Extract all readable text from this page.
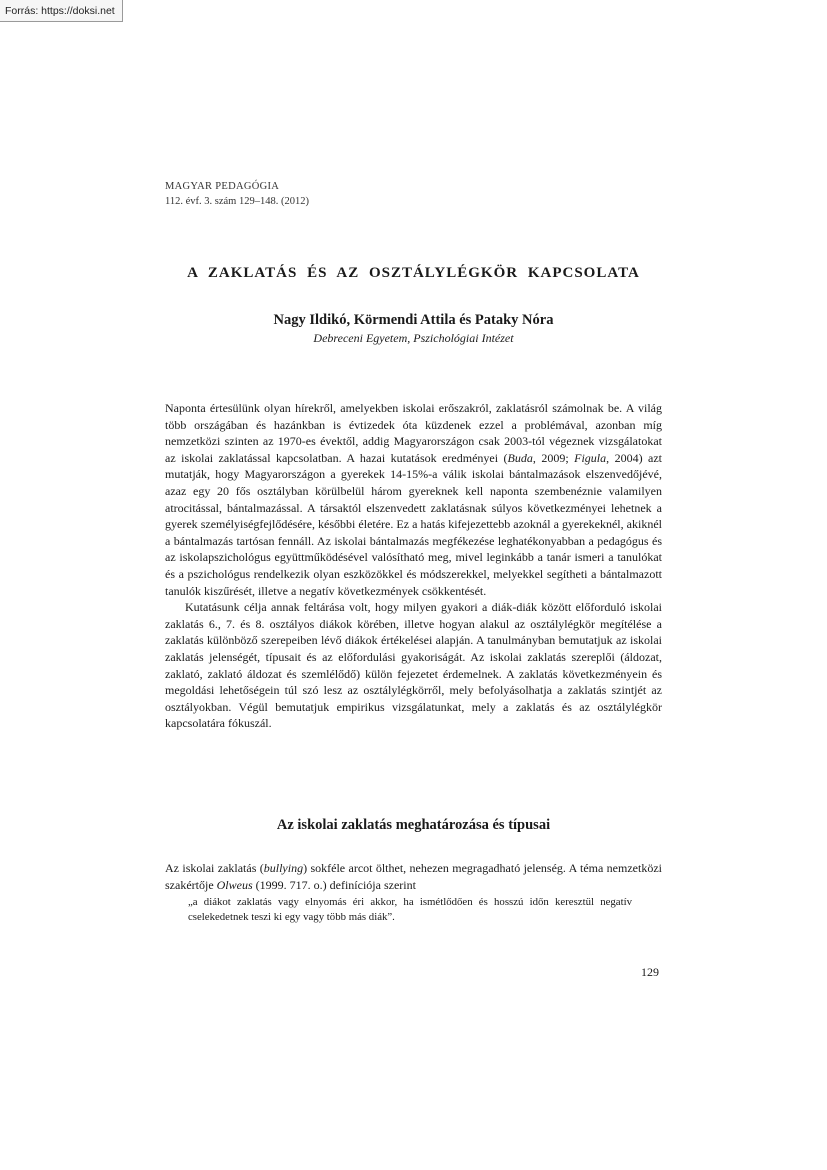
Forrás: https://doksi.net
MAGYAR PEDAGÓGIA
112. évf. 3. szám 129–148. (2012)
A ZAKLATÁS ÉS AZ OSZTÁLYLÉGKÖR KAPCSOLATA
Nagy Ildikó, Körmendi Attila és Pataky Nóra
Debreceni Egyetem, Pszichológiai Intézet

Naponta értesülünk olyan hírekről, amelyekben iskolai erőszakról, zaklatásról számolnak be. A világ több országában és hazánkban is évtizedek óta küzdenek ezzel a problémával, azonban míg nemzetközi szinten az 1970-es évektől, addig Magyarországon csak 2003-tól végeznek vizsgálatokat az iskolai zaklatással kapcsolatban. A hazai kutatások eredményei (Buda, 2009; Figula, 2004) azt mutatják, hogy Magyarországon a gyerekek 14-15%-a válik iskolai bántalmazások elszenvedőjévé, azaz egy 20 fős osztályban körülbelül három gyereknek kell naponta szembenéznie valamilyen atrocitással, bántalmazással. A társaktól elszenvedett zaklatásnak súlyos következményei lehetnek a gyerek személyiségfejlődésére, későbbi életére. Ez a hatás kifejezettebb azoknál a gyerekeknél, akiknél a bántalmazás tartósan fennáll. Az iskolai bántalmazás megfékezése leghatékonyabban a pedagógus és az iskolapszichológus együttműködésével valósítható meg, mivel leginkább a tanár ismeri a tanulókat és a pszichológus rendelkezik olyan eszközökkel és módszerekkel, melyekkel segítheti a bántalmazott tanulók kiszűrését, illetve a negatív következmények csökkentését.

Kutatásunk célja annak feltárása volt, hogy milyen gyakori a diák-diák között előforduló iskolai zaklatás 6., 7. és 8. osztályos diákok körében, illetve hogyan alakul az osztálylégkör megítélése a zaklatás különböző szerepeiben lévő diákok értékelései alapján. A tanulmányban bemutatjuk az iskolai zaklatás jelenségét, típusait és az előfordulási gyakoriságát. Az iskolai zaklatás szereplői (áldozat, zaklató, zaklató áldozat és szemlélődő) külön fejezetet érdemelnek. A zaklatás következményein és megoldási lehetőségein túl szó lesz az osztálylégkörről, mely befolyásolhatja a zaklatás szintjét az osztályokban. Végül bemutatjuk empirikus vizsgálatunkat, mely a zaklatás és az osztálylégkör kapcsolatára fókuszál.

Az iskolai zaklatás meghatározása és típusai

Az iskolai zaklatás (bullying) sokféle arcot ölthet, nehezen megragadható jelenség. A téma nemzetközi szakértője Olweus (1999. 717. o.) definíciója szerint

„a diákot zaklatás vagy elnyomás éri akkor, ha ismétlődően és hosszú időn keresztül negatív cselekedetnek teszi ki egy vagy több más diák”.
129
